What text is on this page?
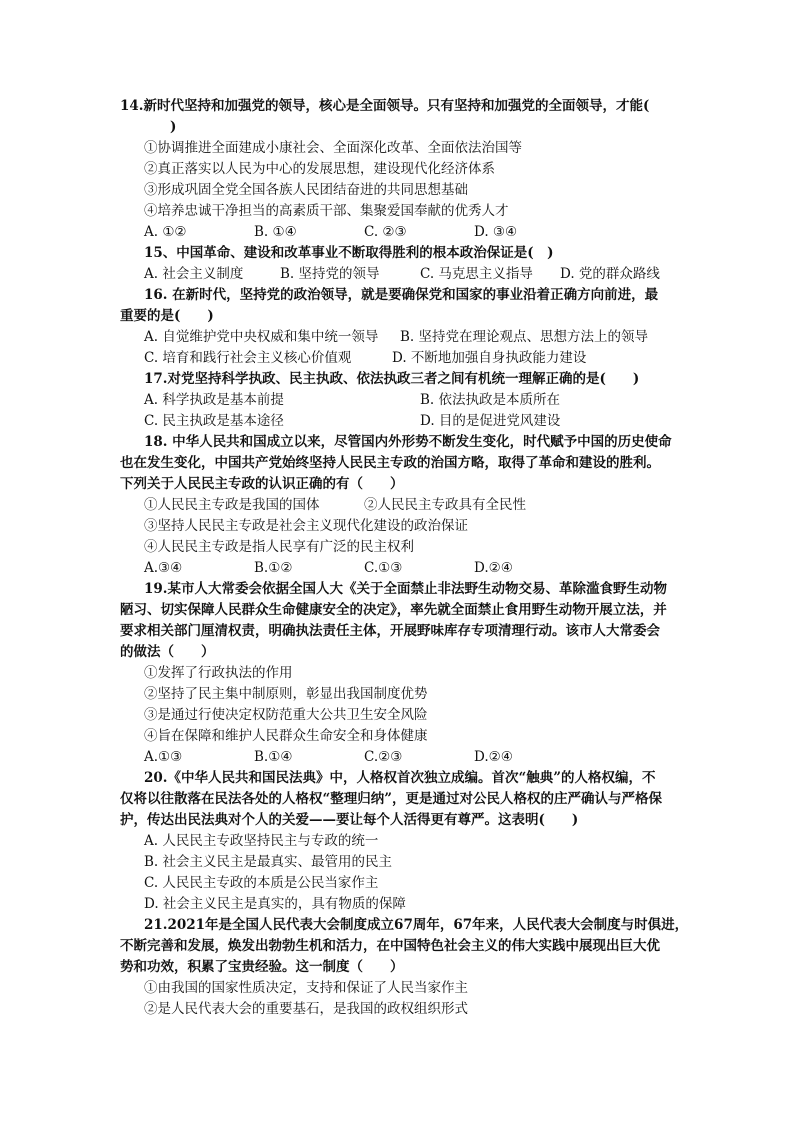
14.新时代坚持和加强党的领导，核心是全面领导。只有坚持和加强党的全面领导，才能(
)
①协调推进全面建成小康社会、全面深化改革、全面依法治国等
②真正落实以人民为中心的发展思想，建设现代化经济体系
③形成巩固全党全国各族人民团结奋进的共同思想基础
④培养忠诚干净担当的高素质干部、集聚爱国奉献的优秀人才
A. ①②	B. ①④	C. ②③	D. ③④
15、中国革命、建设和改革事业不断取得胜利的根本政治保证是(　)
A. 社会主义制度	B. 坚持党的领导	C. 马克思主义指导 D. 党的群众路线
16. 在新时代，坚持党的政治领导，就是要确保党和国家的事业沿着正确方向前进，最
重要的是(　　)
A. 自觉维护党中央权威和集中统一领导 B. 坚持党在理论观点、思想方法上的领导
C. 培育和践行社会主义核心价值观	D. 不断地加强自身执政能力建设
17.对党坚持科学执政、民主执政、依法执政三者之间有机统一理解正确的是(　　)
A. 科学执政是基本前提	B. 依法执政是本质所在
C. 民主执政是基本途径	D. 目的是促进党风建设
18. 中华人民共和国成立以来，尽管国内外形势不断发生变化，时代赋予中国的历史使命
也在发生变化，中国共产党始终坚持人民民主专政的治国方略，取得了革命和建设的胜利。
下列关于人民民主专政的认识正确的有（　　）
①人民民主专政是我国的国体	②人民民主专政具有全民性
③坚持人民民主专政是社会主义现代化建设的政治保证
④人民民主专政是指人民享有广泛的民主权利
A.③④	B.①②	C.①③	D.②④
19.某市人大常委会依据全国人大《关于全面禁止非法野生动物交易、革除滥食野生动物
陋习、切实保障人民群众生命健康安全的决定》，率先就全面禁止食用野生动物开展立法，并
要求相关部门厘清权责，明确执法责任主体，开展野味库存专项清理行动。该市人大常委会
的做法（　　）
①发挥了行政执法的作用
②坚持了民主集中制原则，彰显出我国制度优势
③是通过行使决定权防范重大公共卫生安全风险
④旨在保障和维护人民群众生命安全和身体健康
A.①③	B.①④	C.②③	D.②④
20.《中华人民共和国民法典》中，人格权首次独立成编。首次“触典”的人格权编，不
仅将以往散落在民法各处的人格权“整理归纳”，更是通过对公民人格权的庄严确认与严格保
护，传达出民法典对个人的关爱——要让每个人活得更有尊严。这表明(　　)
A. 人民民主专政坚持民主与专政的统一
B. 社会主义民主是最真实、最管用的民主
C. 人民民主专政的本质是公民当家作主
D. 社会主义民主是真实的，具有物质的保障
21.2021年是全国人民代表大会制度成立67周年，67年来，人民代表大会制度与时俱进，
不断完善和发展，焕发出勃勃生机和活力，在中国特色社会主义的伟大实践中展现出巨大优
势和功效，积累了宝贵经验。这一制度（　　）
①由我国的国家性质决定，支持和保证了人民当家作主
②是人民代表大会的重要基石，是我国的政权组织形式
